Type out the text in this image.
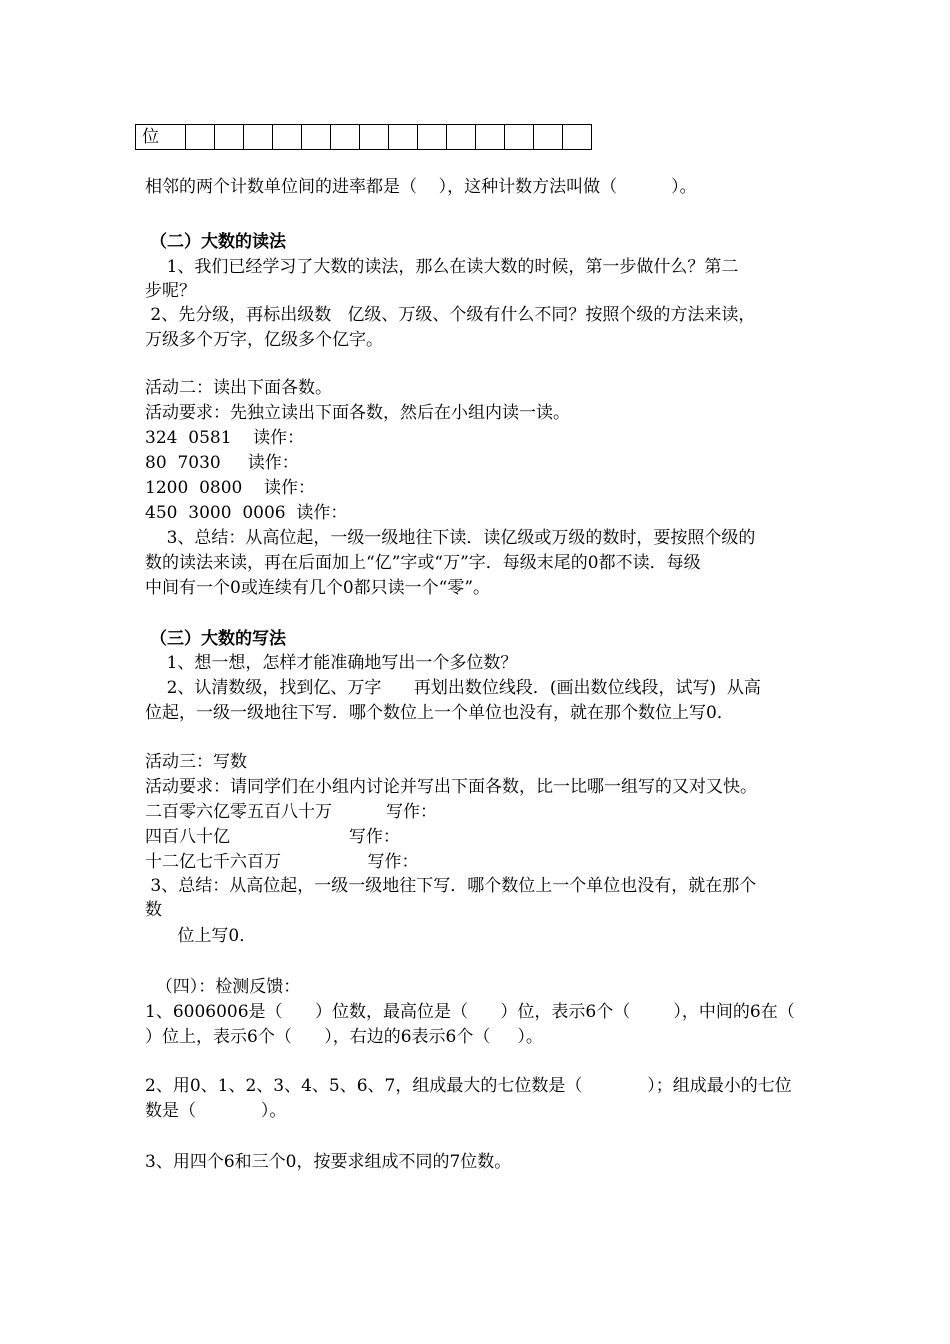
位														
相邻的两个计数单位间的进率都是（    ），这种计数方法叫做（          ）。
（二）大数的读法
1、我们已经学习了大数的读法，那么在读大数的时候，第一步做什么？第二
步呢？
2、先分级，再标出级数   亿级、万级、个级有什么不同？按照个级的方法来读，
万级多个万字，亿级多个亿字。
活动二：读出下面各数。
活动要求：先独立读出下面各数，然后在小组内读一读。
324  0581    读作：
80  7030     读作：
1200  0800    读作：
450  3000  0006  读作：
3、总结：从高位起，一级一级地往下读．读亿级或万级的数时，要按照个级的
数的读法来读，再在后面加上“亿”字或“万”字．每级末尾的0都不读．每级
中间有一个0或连续有几个0都只读一个“零”。
（三）大数的写法
1、想一想，怎样才能准确地写出一个多位数？
2、认清数级，找到亿、万字      再划出数位线段．(画出数位线段，试写)  从高
位起，一级一级地往下写．哪个数位上一个单位也没有，就在那个数位上写0．
活动三：写数
活动要求：请同学们在小组内讨论并写出下面各数，比一比哪一组写的又对又快。
二百零六亿零五百八十万          写作：
四百八十亿                      写作：
十二亿七千六百万                写作：
3、总结：从高位起，一级一级地往下写．哪个数位上一个单位也没有，就在那个
数
位上写0．
（四）：检测反馈：
1、6006006是（      ）位数，最高位是（      ）位，表示6个（        ），中间的6在（
）位上，表示6个（      ），右边的6表示6个（     ）。
2、用0、1、2、3、4、5、6、7，组成最大的七位数是（            ）；组成最小的七位
数是（            ）。
3、用四个6和三个0，按要求组成不同的7位数。
